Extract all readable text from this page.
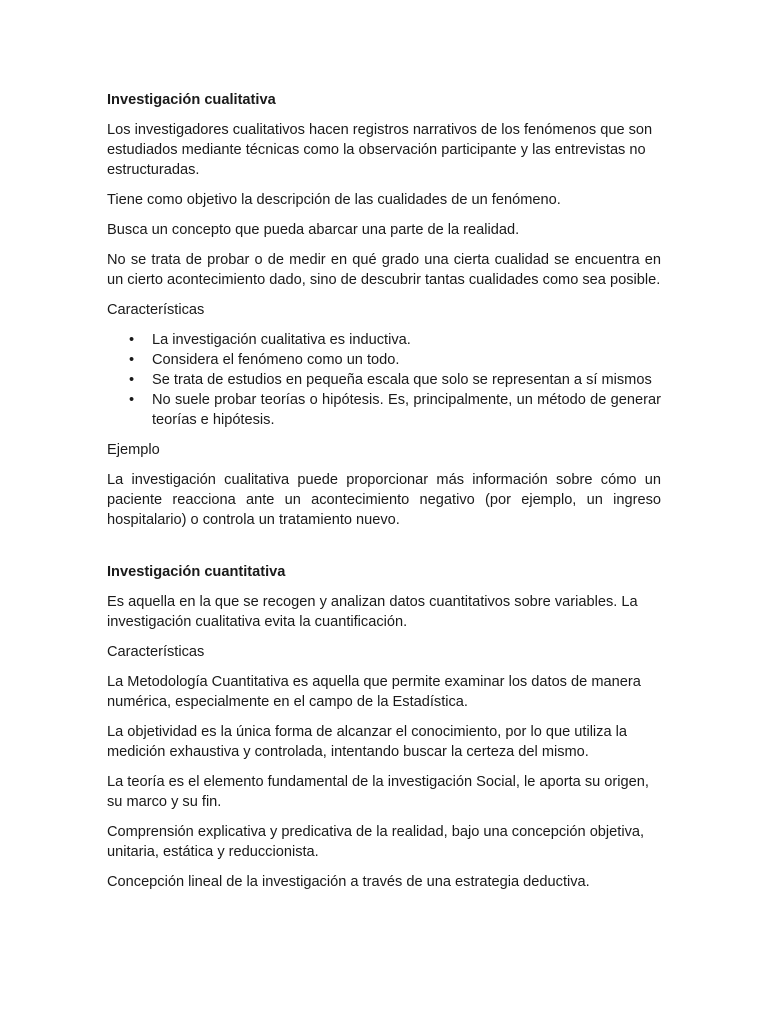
Investigación cualitativa

Los investigadores cualitativos hacen registros narrativos de los fenómenos que son estudiados mediante técnicas como la observación participante y las entrevistas no estructuradas.

Tiene como objetivo la descripción de las cualidades de un fenómeno.

Busca un concepto que pueda abarcar una parte de la realidad.

No se trata de probar o de medir en qué grado una cierta cualidad se encuentra en un cierto acontecimiento dado, sino de descubrir tantas cualidades como sea posible.

Características

• La investigación cualitativa es inductiva.
• Considera el fenómeno como un todo.
• Se trata de estudios en pequeña escala que solo se representan a sí mismos
• No suele probar teorías o hipótesis. Es, principalmente, un método de generar teorías e hipótesis.

Ejemplo

La investigación cualitativa puede proporcionar más información sobre cómo un paciente reacciona ante un acontecimiento negativo (por ejemplo, un ingreso hospitalario) o controla un tratamiento nuevo.

Investigación cuantitativa

Es aquella en la que se recogen y analizan datos cuantitativos sobre variables. La investigación cualitativa evita la cuantificación.

Características

La Metodología Cuantitativa es aquella que permite examinar los datos de manera numérica, especialmente en el campo de la Estadística.

La objetividad es la única forma de alcanzar el conocimiento, por lo que utiliza la medición exhaustiva y controlada, intentando buscar la certeza del mismo.

La teoría es el elemento fundamental de la investigación Social, le aporta su origen, su marco y su fin.

Comprensión explicativa y predicativa de la realidad, bajo una concepción objetiva, unitaria, estática y reduccionista.

Concepción lineal de la investigación a través de una estrategia deductiva.
